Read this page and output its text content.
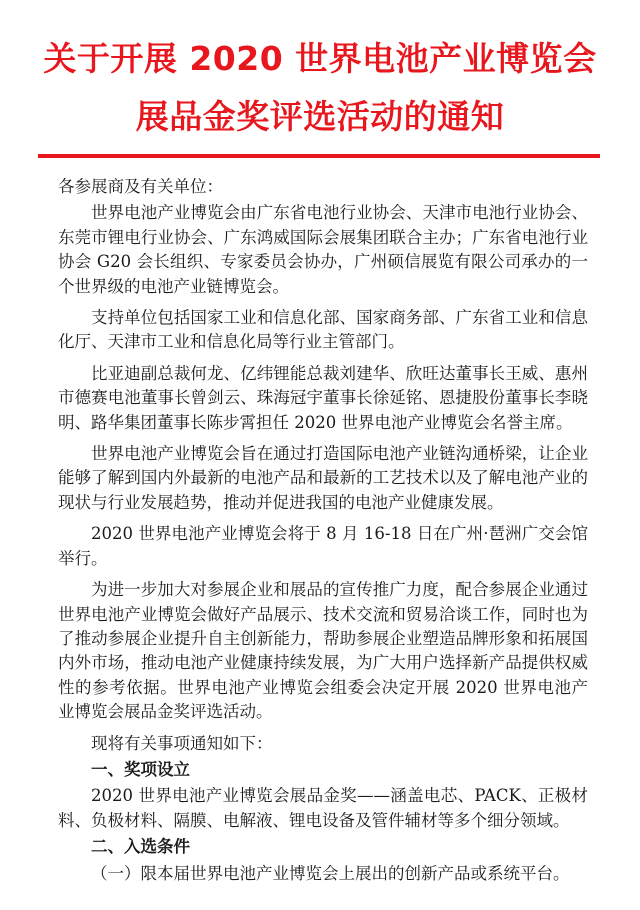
关于开展 2020 世界电池产业博览会
展品金奖评选活动的通知

各参展商及有关单位：

世界电池产业博览会由广东省电池行业协会、天津市电池行业协会、东莞市锂电行业协会、广东鸿威国际会展集团联合主办；广东省电池行业协会 G20 会长组织、专家委员会协办，广州硕信展览有限公司承办的一个世界级的电池产业链博览会。

支持单位包括国家工业和信息化部、国家商务部、广东省工业和信息化厅、天津市工业和信息化局等行业主管部门。

比亚迪副总裁何龙、亿纬锂能总裁刘建华、欣旺达董事长王威、惠州市德赛电池董事长曾剑云、珠海冠宇董事长徐延铭、恩捷股份董事长李晓明、路华集团董事长陈步霄担任 2020 世界电池产业博览会名誉主席。

世界电池产业博览会旨在通过打造国际电池产业链沟通桥梁，让企业能够了解到国内外最新的电池产品和最新的工艺技术以及了解电池产业的现状与行业发展趋势，推动并促进我国的电池产业健康发展。

2020 世界电池产业博览会将于 8 月 16-18 日在广州·琶洲广交会馆举行。

为进一步加大对参展企业和展品的宣传推广力度，配合参展企业通过世界电池产业博览会做好产品展示、技术交流和贸易洽谈工作，同时也为了推动参展企业提升自主创新能力，帮助参展企业塑造品牌形象和拓展国内外市场，推动电池产业健康持续发展，为广大用户选择新产品提供权威性的参考依据。世界电池产业博览会组委会决定开展 2020 世界电池产业博览会展品金奖评选活动。

现将有关事项通知如下：

一、奖项设立

2020 世界电池产业博览会展品金奖——涵盖电芯、PACK、正极材料、负极材料、隔膜、电解液、锂电设备及管件辅材等多个细分领域。

二、入选条件

（一）限本届世界电池产业博览会上展出的创新产品或系统平台。
